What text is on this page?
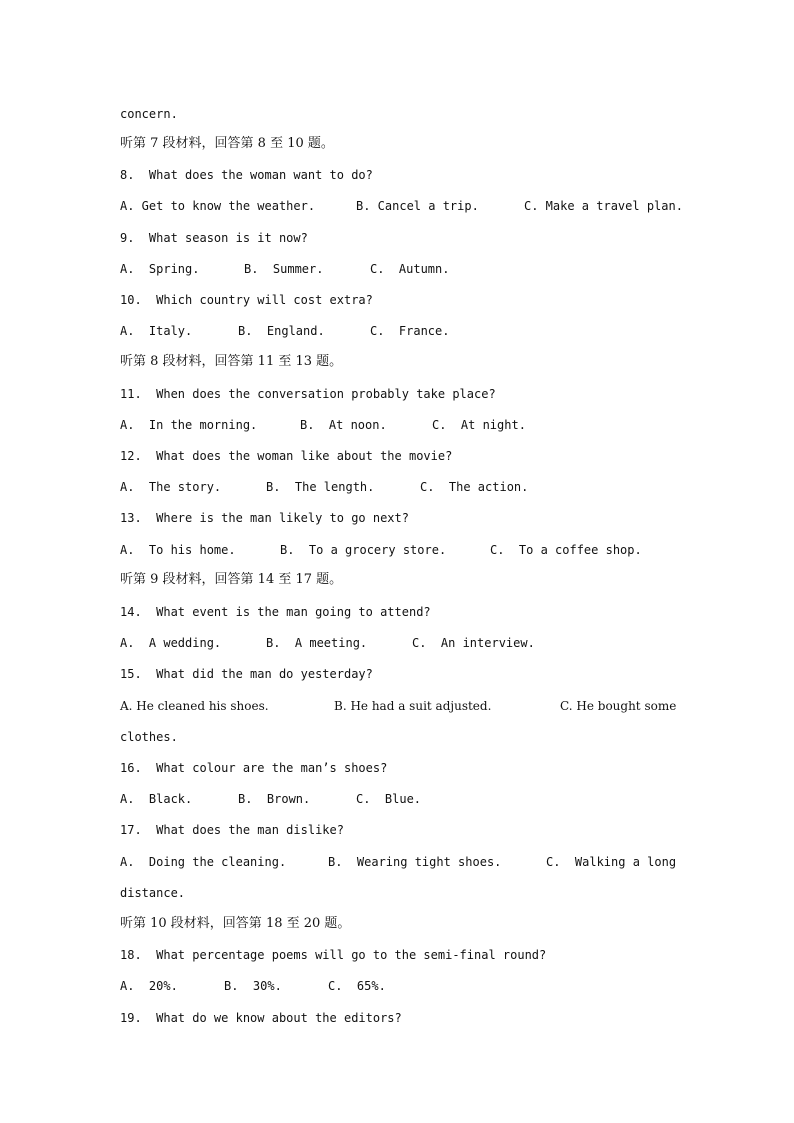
concern.
听第 7 段材料，回答第 8 至 10 题。
8.  What does the woman want to do?
A. Get to know the weather.	B. Cancel a trip.	C. Make a travel plan.
9.  What season is it now?
A.  Spring.	B.  Summer.	C.  Autumn.
10.  Which country will cost extra?
A.  Italy.	B.  England.	C.  France.
听第 8 段材料，回答第 11 至 13 题。
11.  When does the conversation probably take place?
A.  In the morning.	B.  At noon.	C.  At night.
12.  What does the woman like about the movie?
A.  The story.	B.  The length.	C.  The action.
13.  Where is the man likely to go next?
A.  To his home.	B.  To a grocery store.	C.  To a coffee shop.
听第 9 段材料，回答第 14 至 17 题。
14.  What event is the man going to attend?
A.  A wedding.	B.  A meeting.	C.  An interview.
15.  What did the man do yesterday?
A. He cleaned his shoes.	B. He had a suit adjusted.	C. He bought some
clothes.
16.  What colour are the man’s shoes?
A.  Black.	B.  Brown.	C.  Blue.
17.  What does the man dislike?
A.  Doing the cleaning.	B.  Wearing tight shoes.	C.  Walking a long
distance.
听第 10 段材料，回答第 18 至 20 题。
18.  What percentage poems will go to the semi-final round?
A.  20%.	B.  30%.	C.  65%.
19.  What do we know about the editors?
